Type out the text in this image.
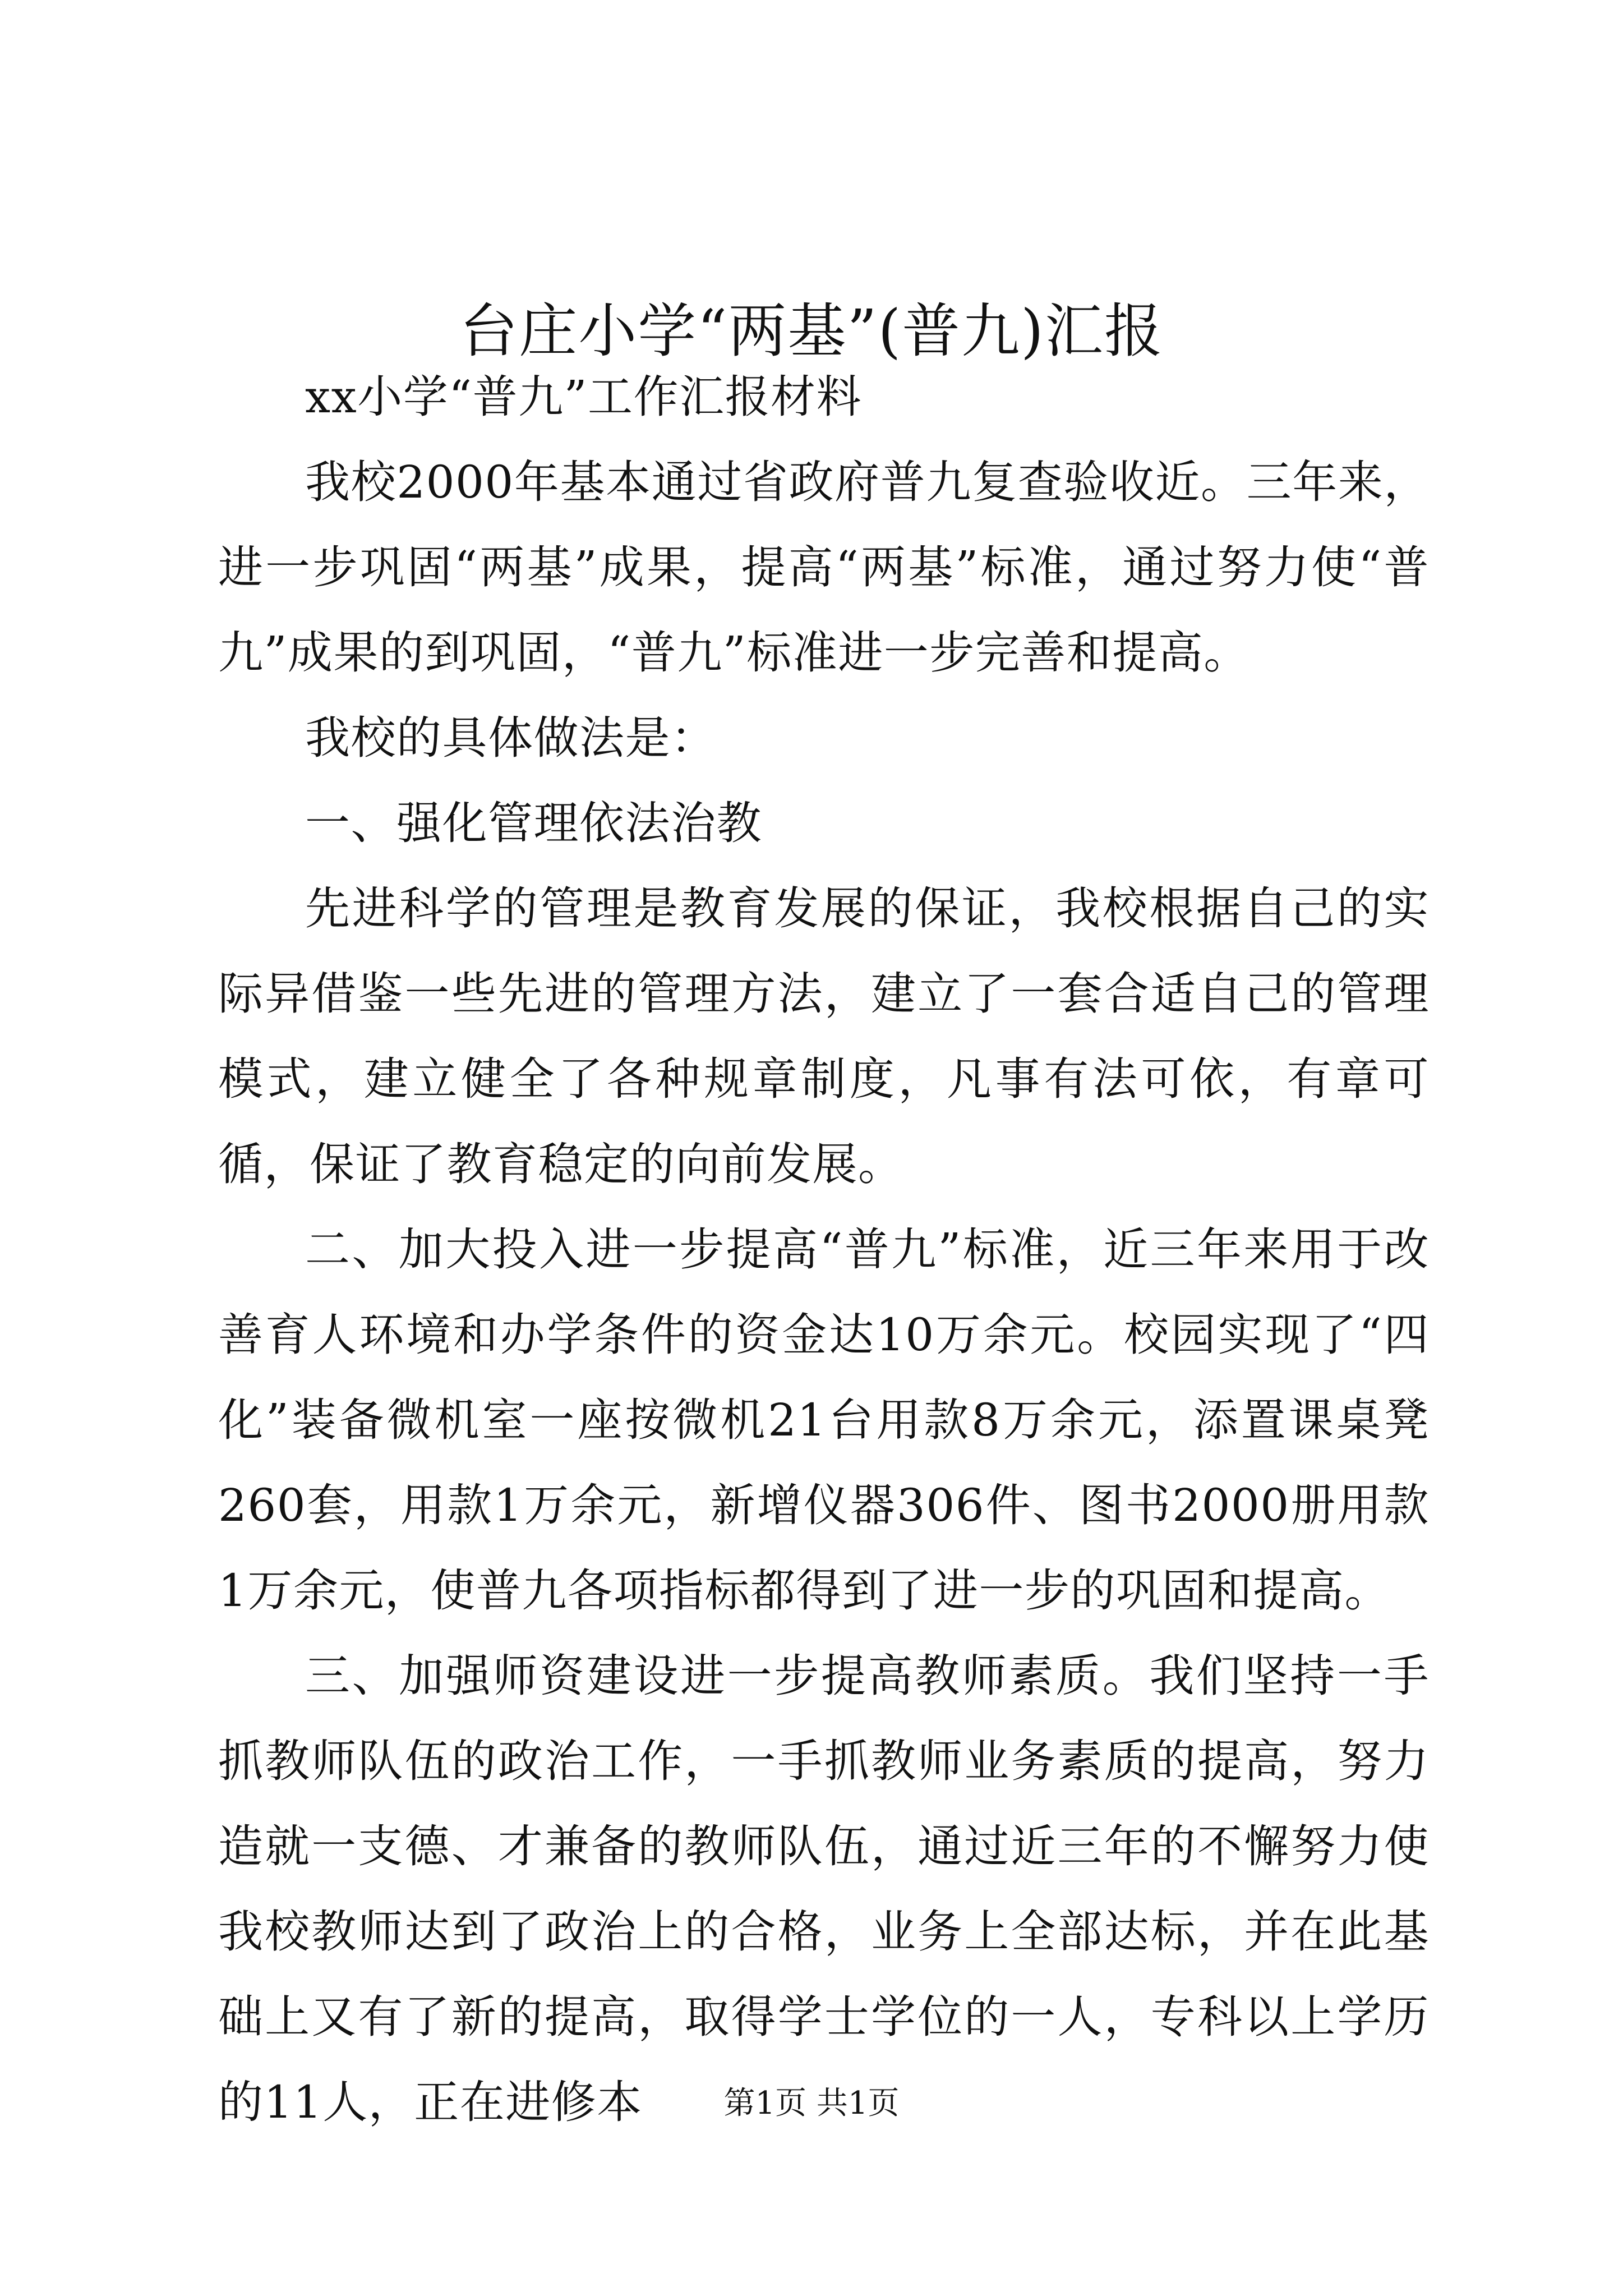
台庄小学“两基”(普九)汇报

xx小学“普九”工作汇报材料

我校2000年基本通过省政府普九复查验收近。三年来，进一步巩固“两基”成果，提高“两基”标准，通过努力使“普九”成果的到巩固，“普九”标准进一步完善和提高。

我校的具体做法是：

一、强化管理依法治教

先进科学的管理是教育发展的保证，我校根据自己的实际异借鉴一些先进的管理方法，建立了一套合适自己的管理模式，建立健全了各种规章制度，凡事有法可依，有章可循，保证了教育稳定的向前发展。

二、加大投入进一步提高“普九”标准，近三年来用于改善育人环境和办学条件的资金达10万余元。校园实现了“四化”装备微机室一座按微机21台用款8万余元，添置课桌凳260套，用款1万余元，新增仪器306件、图书2000册用款1万余元，使普九各项指标都得到了进一步的巩固和提高。

三、加强师资建设进一步提高教师素质。我们坚持一手抓教师队伍的政治工作，一手抓教师业务素质的提高，努力造就一支德、才兼备的教师队伍，通过近三年的不懈努力使我校教师达到了政治上的合格，业务上全部达标，并在此基础上又有了新的提高，取得学士学位的一人，专科以上学历的11人，正在进修本	第1页 共1页
